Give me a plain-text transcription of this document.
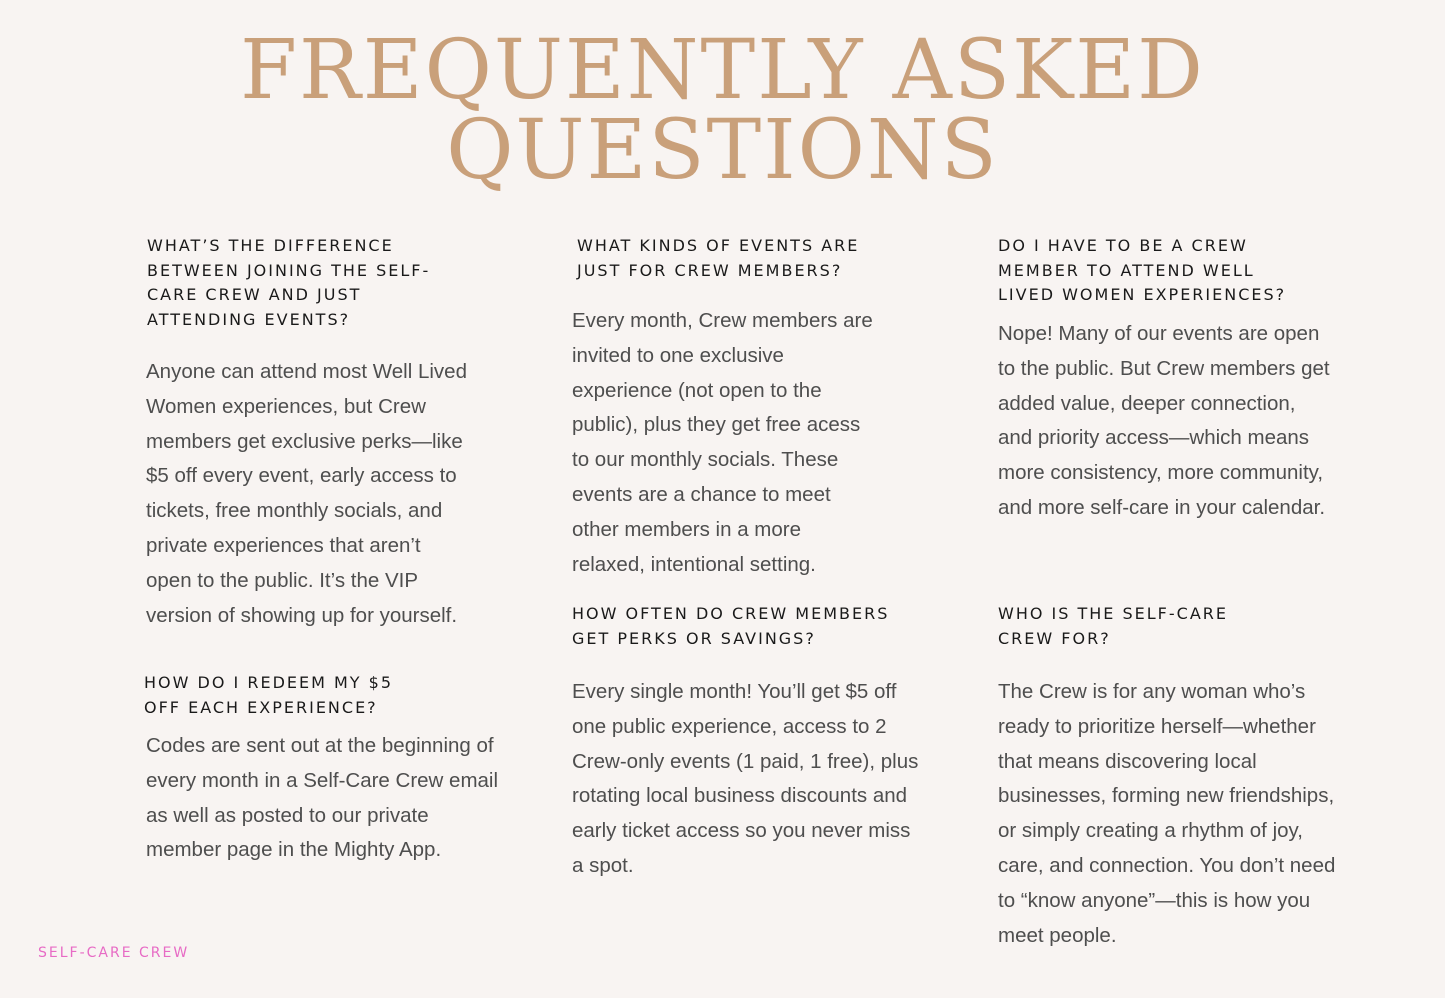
FREQUENTLY ASKED
QUESTIONS

WHAT’S THE DIFFERENCE
BETWEEN JOINING THE SELF-
CARE CREW AND JUST
ATTENDING EVENTS?

Anyone can attend most Well Lived
Women experiences, but Crew
members get exclusive perks—like
$5 off every event, early access to
tickets, free monthly socials, and
private experiences that aren’t
open to the public. It’s the VIP
version of showing up for yourself.

HOW DO I REDEEM MY $5
OFF EACH EXPERIENCE?

Codes are sent out at the beginning of
every month in a Self-Care Crew email
as well as posted to our private
member page in the Mighty App.

WHAT KINDS OF EVENTS ARE
JUST FOR CREW MEMBERS?

Every month, Crew members are
invited to one exclusive
experience (not open to the
public), plus they get free acess
to our monthly socials. These
events are a chance to meet
other members in a more
relaxed, intentional setting.

HOW OFTEN DO CREW MEMBERS
GET PERKS OR SAVINGS?

Every single month! You’ll get $5 off
one public experience, access to 2
Crew-only events (1 paid, 1 free), plus
rotating local business discounts and
early ticket access so you never miss
a spot.

DO I HAVE TO BE A CREW
MEMBER TO ATTEND WELL
LIVED WOMEN EXPERIENCES?

Nope! Many of our events are open
to the public. But Crew members get
added value, deeper connection,
and priority access—which means
more consistency, more community,
and more self-care in your calendar.

WHO IS THE SELF-CARE
CREW FOR?

The Crew is for any woman who’s
ready to prioritize herself—whether
that means discovering local
businesses, forming new friendships,
or simply creating a rhythm of joy,
care, and connection. You don’t need
to “know anyone”—this is how you
meet people.

SELF-CARE CREW
